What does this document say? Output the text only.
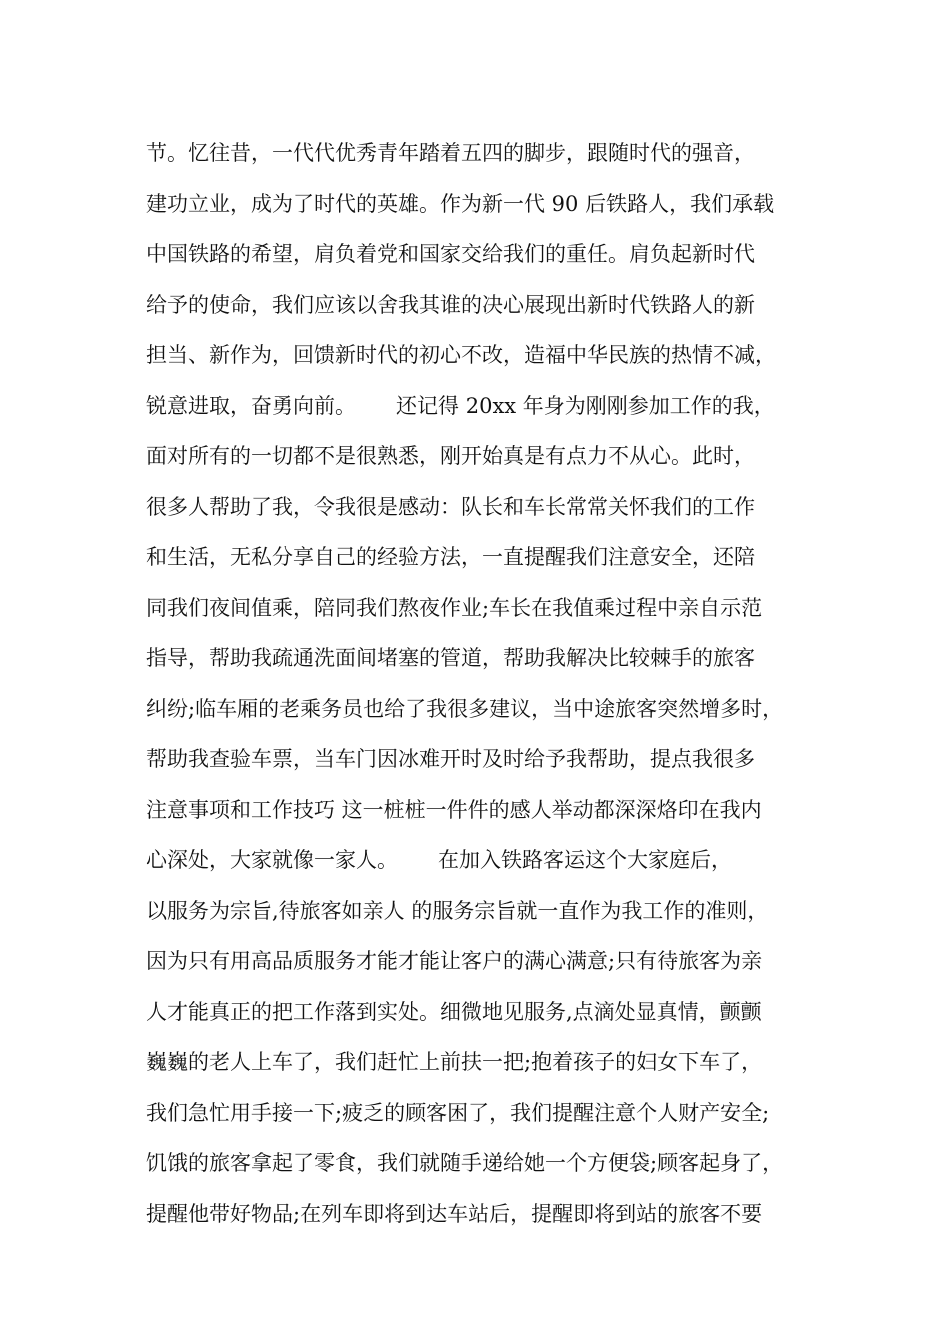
节。忆往昔，一代代优秀青年踏着五四的脚步，跟随时代的强音，
建功立业，成为了时代的英雄。作为新一代 90 后铁路人，我们承载
中国铁路的希望，肩负着党和国家交给我们的重任。肩负起新时代
给予的使命，我们应该以舍我其谁的决心展现出新时代铁路人的新
担当、新作为，回馈新时代的初心不改，造福中华民族的热情不减，
锐意进取，奋勇向前。      还记得 20xx 年身为刚刚参加工作的我，
面对所有的一切都不是很熟悉，刚开始真是有点力不从心。此时，
很多人帮助了我，令我很是感动：队长和车长常常关怀我们的工作
和生活，无私分享自己的经验方法，一直提醒我们注意安全，还陪
同我们夜间值乘，陪同我们熬夜作业;车长在我值乘过程中亲自示范
指导，帮助我疏通洗面间堵塞的管道，帮助我解决比较棘手的旅客
纠纷;临车厢的老乘务员也给了我很多建议，当中途旅客突然增多时，
帮助我查验车票，当车门因冰难开时及时给予我帮助，提点我很多
注意事项和工作技巧 这一桩桩一件件的感人举动都深深烙印在我内
心深处，大家就像一家人。      在加入铁路客运这个大家庭后，
以服务为宗旨,待旅客如亲人 的服务宗旨就一直作为我工作的准则，
因为只有用高品质服务才能才能让客户的满心满意;只有待旅客为亲
人才能真正的把工作落到实处。细微地见服务,点滴处显真情，颤颤
巍巍的老人上车了，我们赶忙上前扶一把;抱着孩子的妇女下车了，
我们急忙用手接一下;疲乏的顾客困了，我们提醒注意个人财产安全;
饥饿的旅客拿起了零食，我们就随手递给她一个方便袋;顾客起身了，
提醒他带好物品;在列车即将到达车站后，提醒即将到站的旅客不要
